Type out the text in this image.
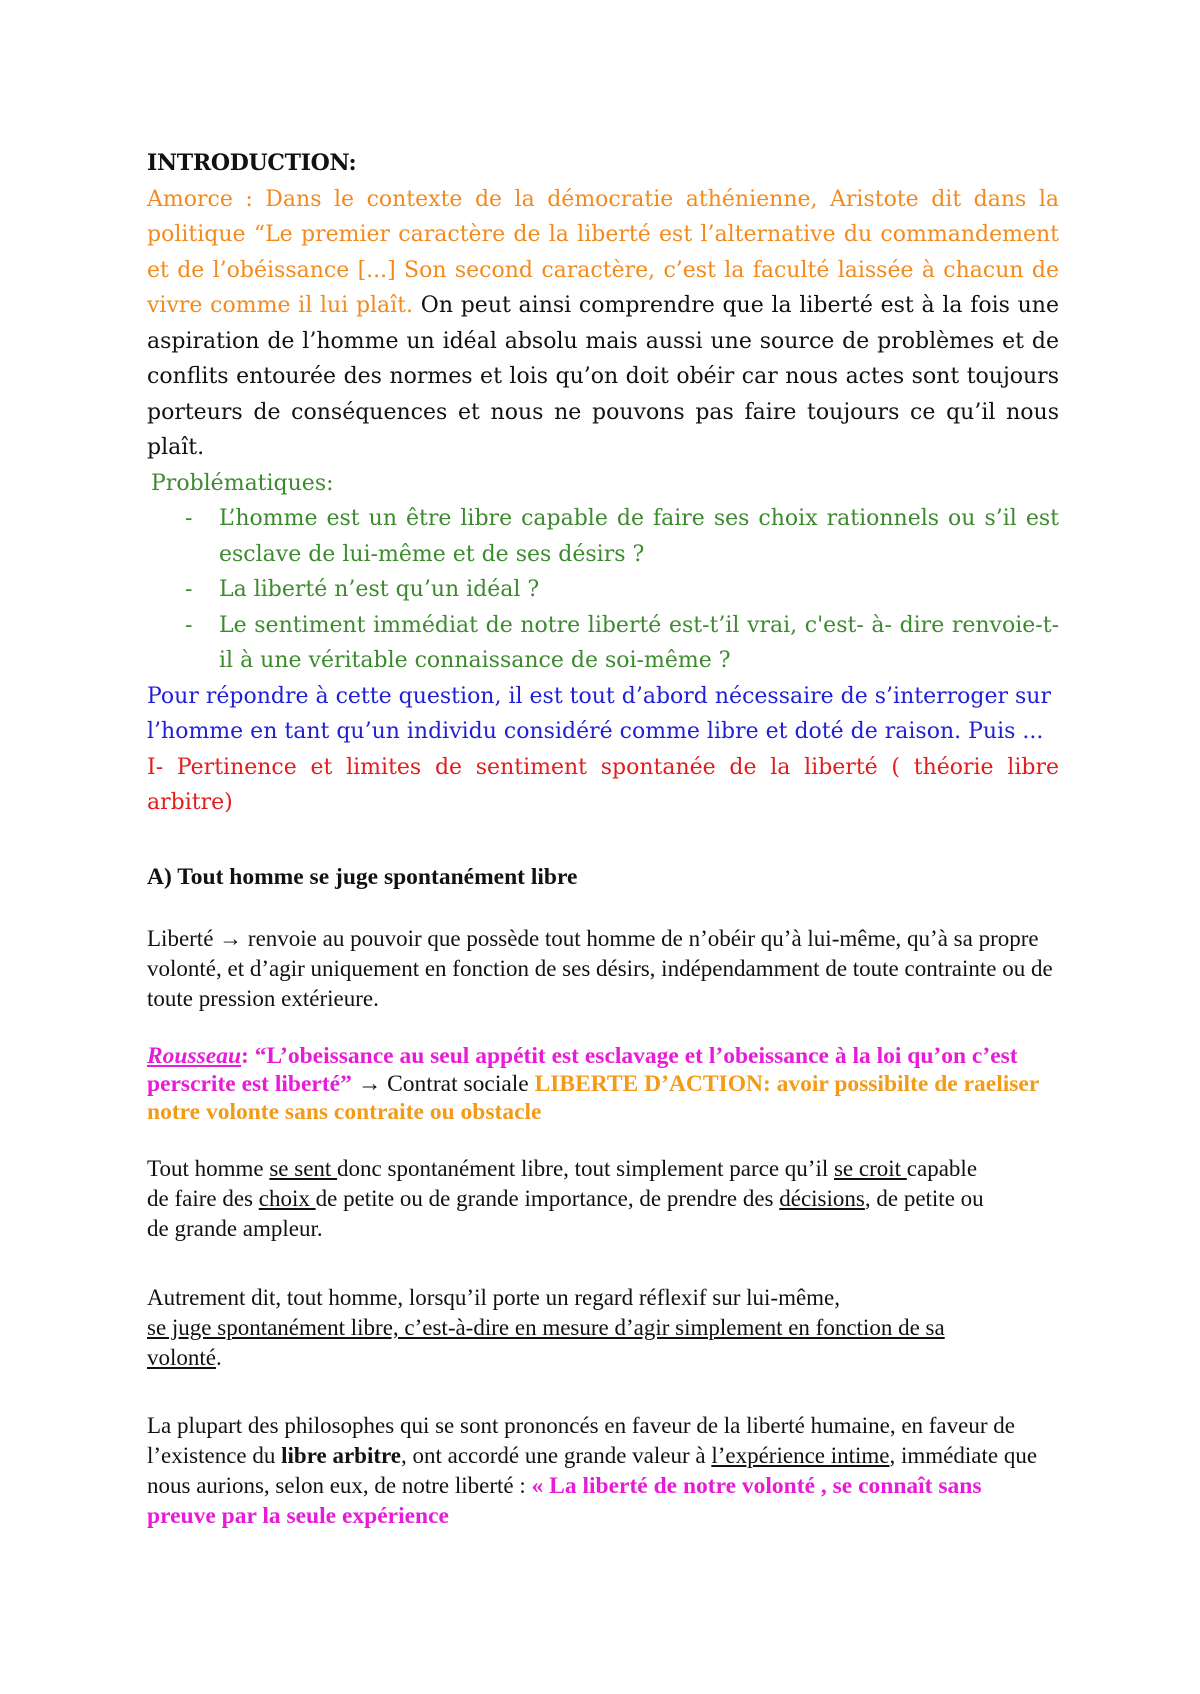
INTRODUCTION:
Amorce : Dans le contexte de la démocratie athénienne, Aristote dit dans la politique “Le premier caractère de la liberté est l’alternative du commandement et de l’obéissance [...] Son second caractère, c’est la faculté laissée à chacun de vivre comme il lui plaît. On peut ainsi comprendre que la liberté est à la fois une aspiration de l’homme un idéal absolu mais aussi une source de problèmes et de conflits entourée des normes et lois qu’on doit obéir car nous actes sont toujours porteurs de conséquences et nous ne pouvons pas faire toujours ce qu’il nous plaît.
Problématiques:
- L’homme est un être libre capable de faire ses choix rationnels ou s’il est esclave de lui-même et de ses désirs ?
- La liberté n’est qu’un idéal ?
- Le sentiment immédiat de notre liberté est-t’il vrai, c'est- à- dire renvoie-t-il à une véritable connaissance de soi-même ?
Pour répondre à cette question, il est tout d’abord nécessaire de s’interroger sur l’homme en tant qu’un individu considéré comme libre et doté de raison. Puis ...
I- Pertinence et limites de sentiment spontanée de la liberté ( théorie libre arbitre)
A) Tout homme se juge spontanément libre
Liberté → renvoie au pouvoir que possède tout homme de n’obéir qu’à lui-même, qu’à sa propre volonté, et d’agir uniquement en fonction de ses désirs, indépendamment de toute contrainte ou de toute pression extérieure.
Rousseau: “L’obeissance au seul appétit est esclavage et l’obeissance à la loi qu’on c’est perscrite est liberté” → Contrat sociale LIBERTE D’ACTION: avoir possibilte de raeliser notre volonte sans contraite ou obstacle
Tout homme se sent donc spontanément libre, tout simplement parce qu’il se croit capable de faire des choix de petite ou de grande importance, de prendre des décisions, de petite ou de grande ampleur.
Autrement dit, tout homme, lorsqu’il porte un regard réflexif sur lui-même,
se juge spontanément libre, c’est-à-dire en mesure d’agir simplement en fonction de sa volonté.
La plupart des philosophes qui se sont prononcés en faveur de la liberté humaine, en faveur de l’existence du libre arbitre, ont accordé une grande valeur à l’expérience intime, immédiate que nous aurions, selon eux, de notre liberté : « La liberté de notre volonté , se connaît sans preuve par la seule expérience
